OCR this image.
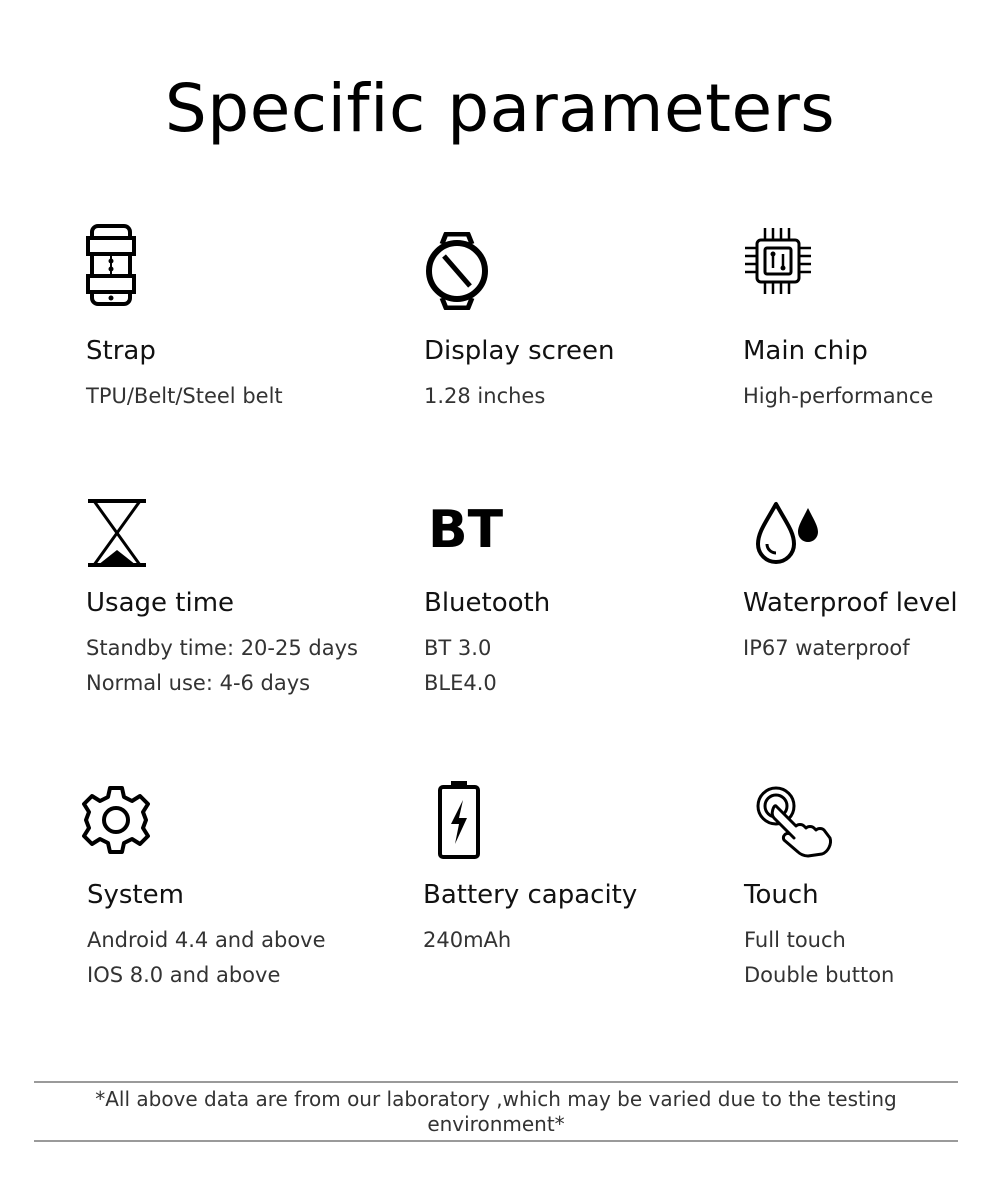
Specific parameters
Strap
TPU/Belt/Steel belt
Display screen
1.28 inches
Main chip
High-performance
Usage time
Standby time: 20-25 days
Normal use: 4-6 days
BT
Bluetooth
BT 3.0
BLE4.0
Waterproof level
IP67 waterproof
System
Android 4.4 and above
IOS 8.0 and above
Battery capacity
240mAh
Touch
Full touch
Double button
*All above data are from our laboratory ,which may be varied due to the testing environment*
